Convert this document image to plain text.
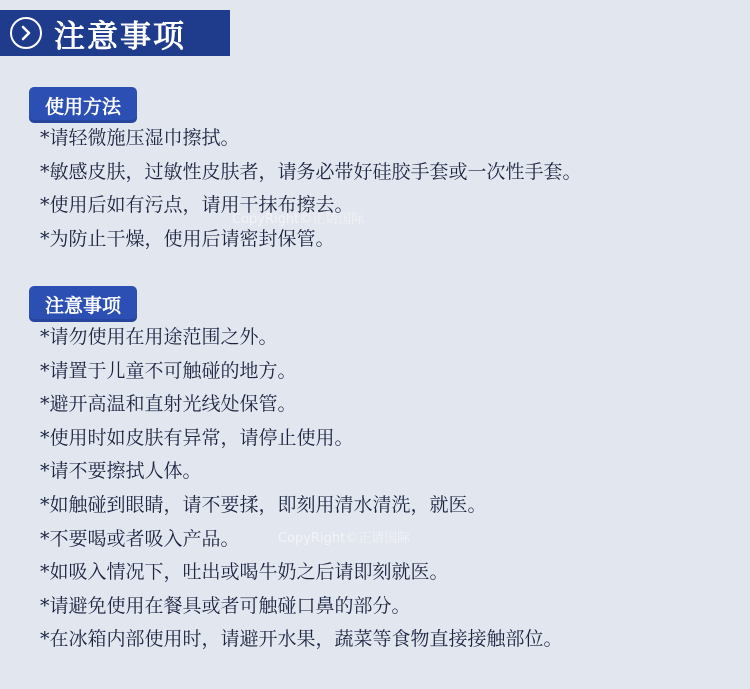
注意事项
使用方法
*请轻微施压湿巾擦拭。
*敏感皮肤，过敏性皮肤者，请务必带好硅胶手套或一次性手套。
*使用后如有污点，请用干抹布擦去。
*为防止干燥，使用后请密封保管。
注意事项
*请勿使用在用途范围之外。
*请置于儿童不可触碰的地方。
*避开高温和直射光线处保管。
*使用时如皮肤有异常，请停止使用。
*请不要擦拭人体。
*如触碰到眼睛，请不要揉，即刻用清水清洗，就医。
*不要喝或者吸入产品。
*如吸入情况下，吐出或喝牛奶之后请即刻就医。
*请避免使用在餐具或者可触碰口鼻的部分。
*在冰箱内部使用时，请避开水果，蔬菜等食物直接接触部位。
CopyRight©正请国际
CopyRight©正请国际
